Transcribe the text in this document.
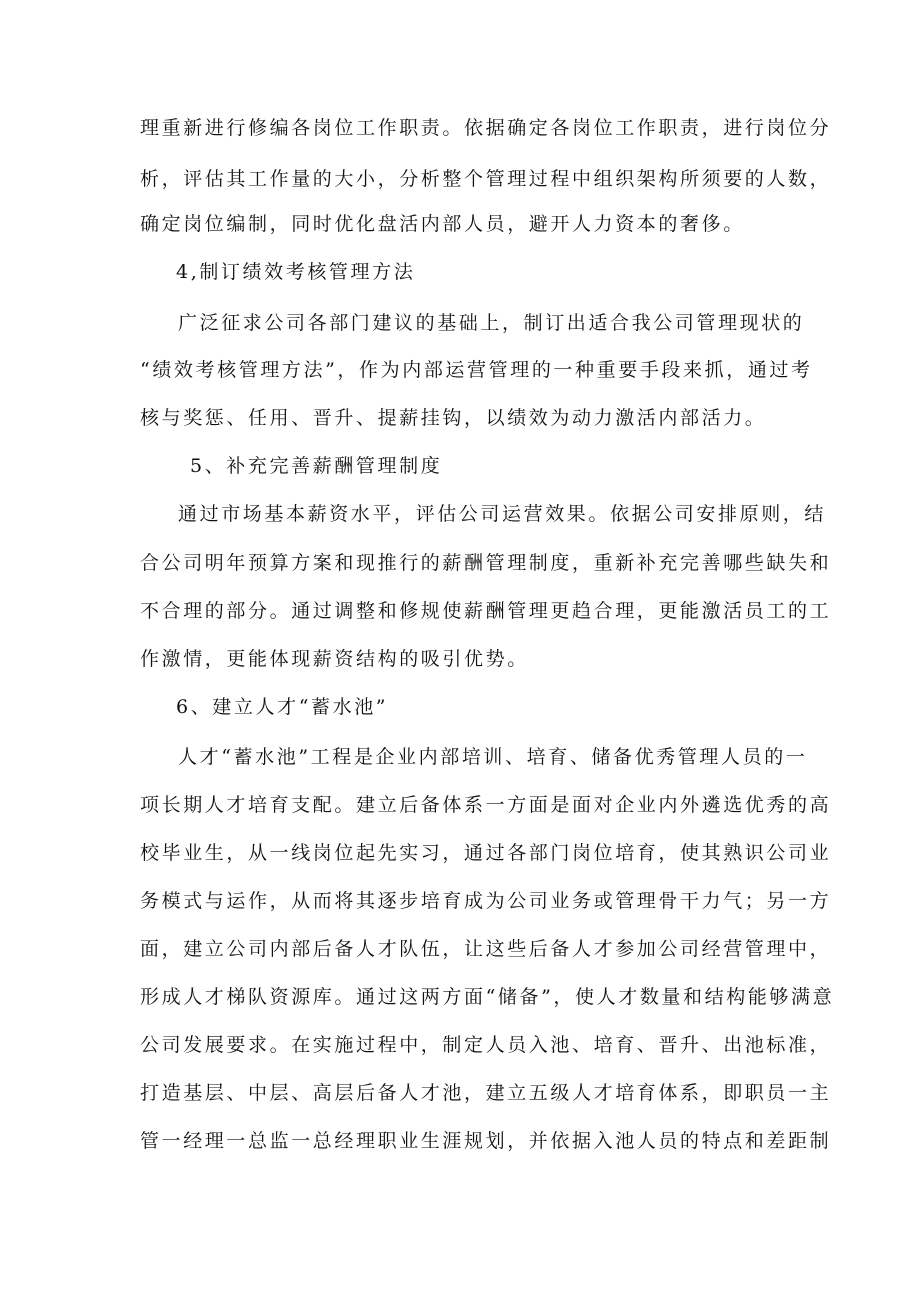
理重新进行修编各岗位工作职责。依据确定各岗位工作职责，进行岗位分
析，评估其工作量的大小，分析整个管理过程中组织架构所须要的人数，
确定岗位编制，同时优化盘活内部人员，避开人力资本的奢侈。
4,制订绩效考核管理方法
广泛征求公司各部门建议的基础上，制订出适合我公司管理现状的
“绩效考核管理方法”，作为内部运营管理的一种重要手段来抓，通过考
核与奖惩、任用、晋升、提薪挂钩，以绩效为动力激活内部活力。
5、补充完善薪酬管理制度
通过市场基本薪资水平，评估公司运营效果。依据公司安排原则，结
合公司明年预算方案和现推行的薪酬管理制度，重新补充完善哪些缺失和
不合理的部分。通过调整和修规使薪酬管理更趋合理，更能激活员工的工
作激情，更能体现薪资结构的吸引优势。
6、建立人才“蓄水池”
人才“蓄水池”工程是企业内部培训、培育、储备优秀管理人员的一
项长期人才培育支配。建立后备体系一方面是面对企业内外遴选优秀的高
校毕业生，从一线岗位起先实习，通过各部门岗位培育，使其熟识公司业
务模式与运作，从而将其逐步培育成为公司业务或管理骨干力气；另一方
面，建立公司内部后备人才队伍，让这些后备人才参加公司经营管理中，
形成人才梯队资源库。通过这两方面“储备”，使人才数量和结构能够满意
公司发展要求。在实施过程中，制定人员入池、培育、晋升、出池标准，
打造基层、中层、高层后备人才池，建立五级人才培育体系，即职员一主
管一经理一总监一总经理职业生涯规划，并依据入池人员的特点和差距制
